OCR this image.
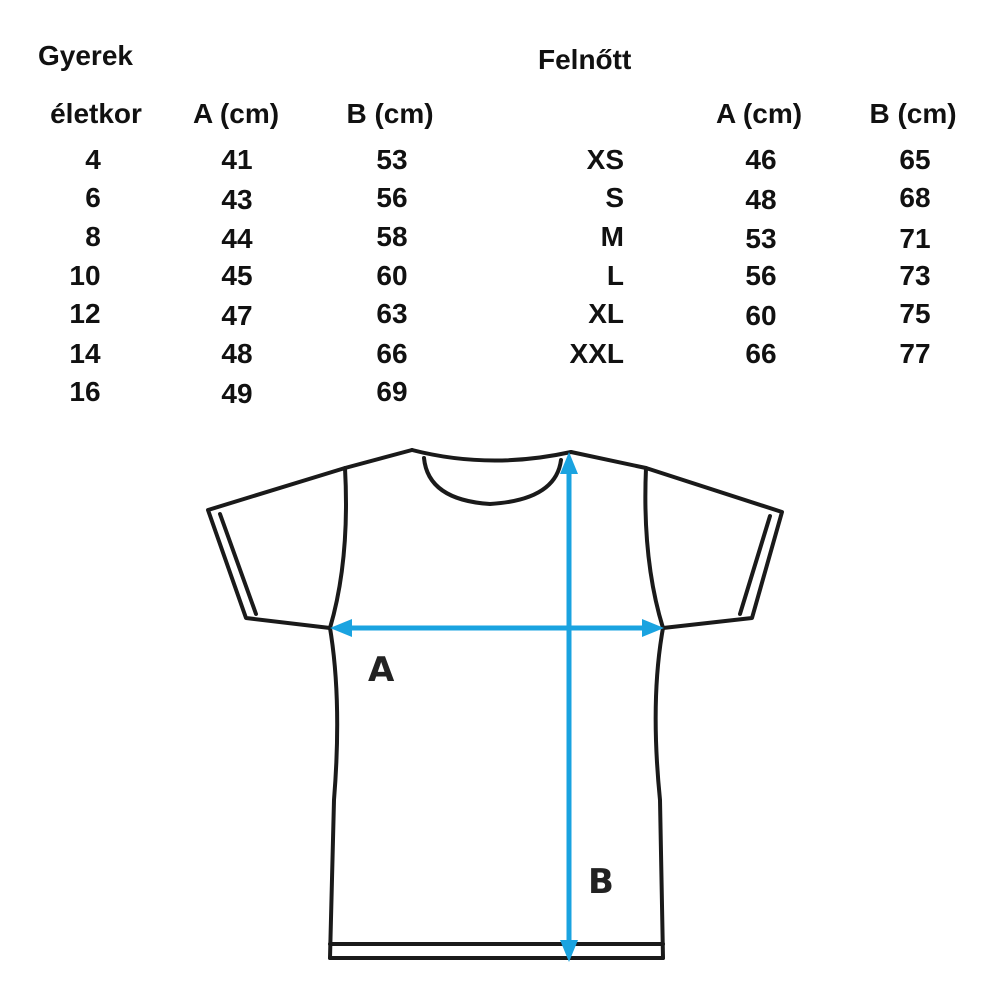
Gyerek
életkor A (cm) B (cm)
4	41	53
6	43	56
8	44	58
10	45	60
12	47	63
14	48	66
16	49	69
Felnőtt
A (cm) B (cm)
XS	46	65
S	48	68
M	53	71
L	56	73
XL	60	75
XXL	66	77
A
B
